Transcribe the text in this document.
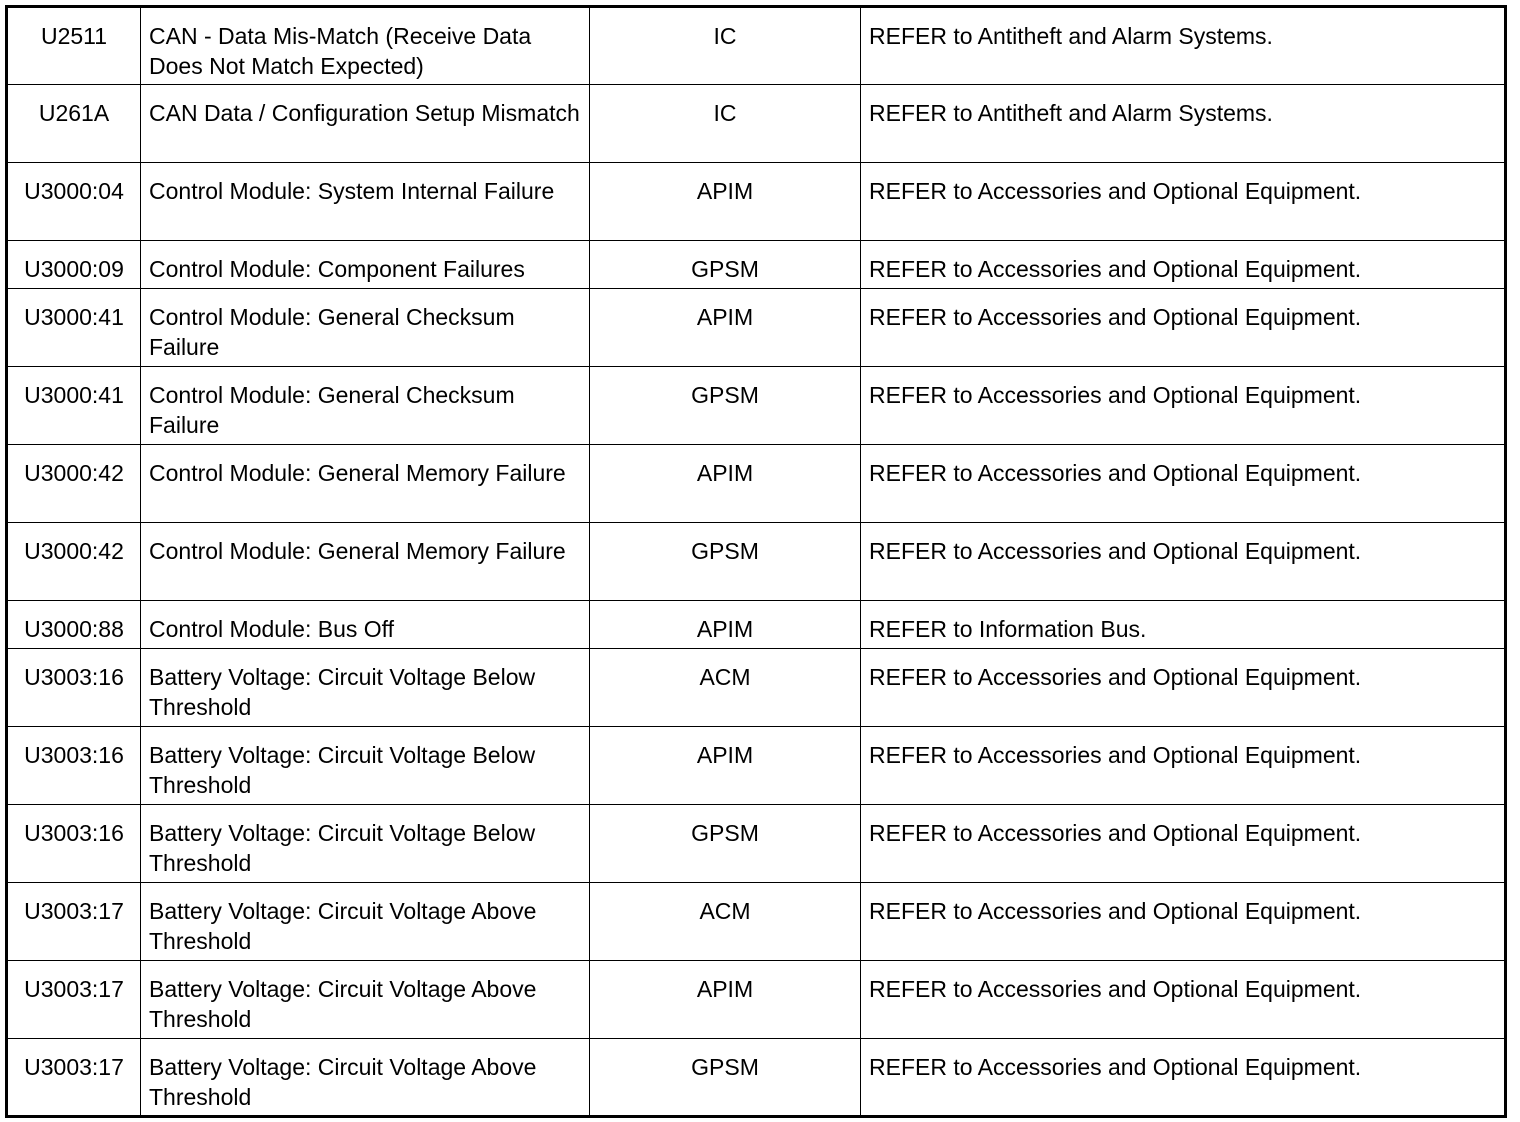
U2511	CAN - Data Mis-Match (Receive Data Does Not Match Expected)	IC	REFER to Antitheft and Alarm Systems.
U261A	CAN Data / Configuration Setup Mismatch	IC	REFER to Antitheft and Alarm Systems.
U3000:04	Control Module: System Internal Failure	APIM	REFER to Accessories and Optional Equipment.
U3000:09	Control Module: Component Failures	GPSM	REFER to Accessories and Optional Equipment.
U3000:41	Control Module: General Checksum Failure	APIM	REFER to Accessories and Optional Equipment.
U3000:41	Control Module: General Checksum Failure	GPSM	REFER to Accessories and Optional Equipment.
U3000:42	Control Module: General Memory Failure	APIM	REFER to Accessories and Optional Equipment.
U3000:42	Control Module: General Memory Failure	GPSM	REFER to Accessories and Optional Equipment.
U3000:88	Control Module: Bus Off	APIM	REFER to Information Bus.
U3003:16	Battery Voltage: Circuit Voltage Below Threshold	ACM	REFER to Accessories and Optional Equipment.
U3003:16	Battery Voltage: Circuit Voltage Below Threshold	APIM	REFER to Accessories and Optional Equipment.
U3003:16	Battery Voltage: Circuit Voltage Below Threshold	GPSM	REFER to Accessories and Optional Equipment.
U3003:17	Battery Voltage: Circuit Voltage Above Threshold	ACM	REFER to Accessories and Optional Equipment.
U3003:17	Battery Voltage: Circuit Voltage Above Threshold	APIM	REFER to Accessories and Optional Equipment.
U3003:17	Battery Voltage: Circuit Voltage Above Threshold	GPSM	REFER to Accessories and Optional Equipment.
